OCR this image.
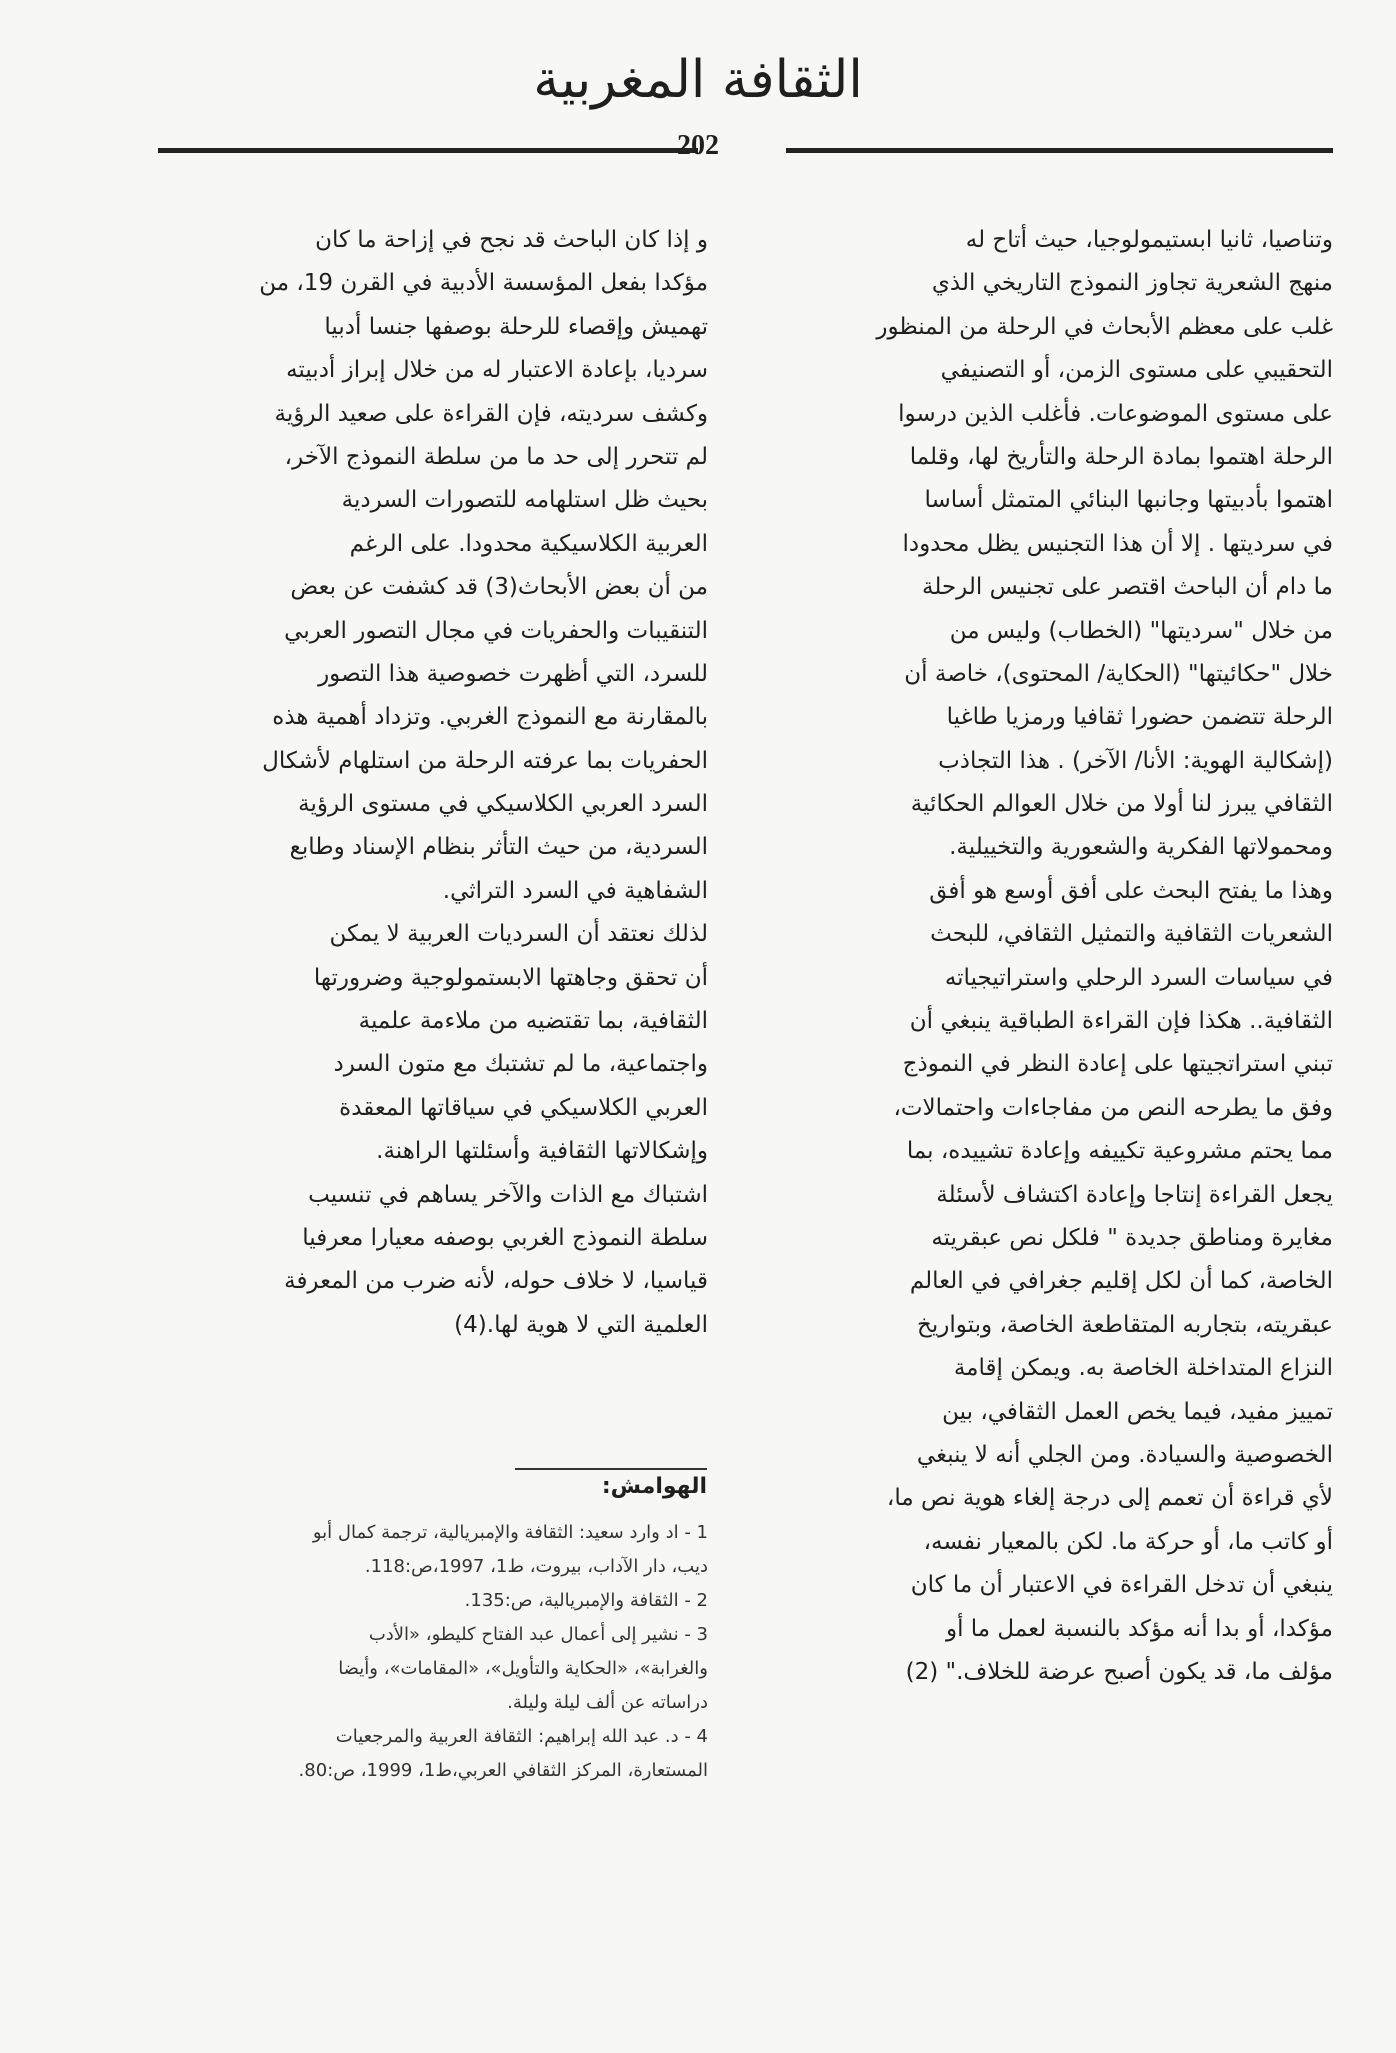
الثقافة المغربية
202
وتناصيا، ثانيا ابستيمولوجيا، حيث أتاح له
منهج الشعرية تجاوز النموذج التاريخي الذي
غلب على معظم الأبحاث في الرحلة من المنظور
التحقيبي على مستوى الزمن، أو التصنيفي
على مستوى الموضوعات. فأغلب الذين درسوا
الرحلة اهتموا بمادة الرحلة والتأريخ لها، وقلما
اهتموا بأدبيتها وجانبها البنائي المتمثل أساسا
في سرديتها . إلا أن هذا التجنيس يظل محدودا
ما دام أن الباحث اقتصر على تجنيس الرحلة
من خلال "سرديتها" (الخطاب) وليس من
خلال "حكائيتها" (الحكاية/ المحتوى)، خاصة أن
الرحلة تتضمن حضورا ثقافيا ورمزيا طاغيا
(إشكالية الهوية: الأنا/ الآخر) . هذا التجاذب
الثقافي يبرز لنا أولا من خلال العوالم الحكائية
ومحمولاتها الفكرية والشعورية والتخييلية.
وهذا ما يفتح البحث على أفق أوسع هو أفق
الشعريات الثقافية والتمثيل الثقافي، للبحث
في سياسات السرد الرحلي واستراتيجياته
الثقافية.. هكذا فإن القراءة الطباقية ينبغي أن
تبني استراتجيتها على إعادة النظر في النموذج
وفق ما يطرحه النص من مفاجاءات واحتمالات،
مما يحتم مشروعية تكييفه وإعادة تشييده، بما
يجعل القراءة إنتاجا وإعادة اكتشاف لأسئلة
مغايرة ومناطق جديدة " فلكل نص عبقريته
الخاصة، كما أن لكل إقليم جغرافي في العالم
عبقريته، بتجاربه المتقاطعة الخاصة، وبتواريخ
النزاع المتداخلة الخاصة به. ويمكن إقامة
تمييز مفيد، فيما يخص العمل الثقافي، بين
الخصوصية والسيادة. ومن الجلي أنه لا ينبغي
لأي قراءة أن تعمم إلى درجة إلغاء هوية نص ما،
أو كاتب ما، أو حركة ما. لكن بالمعيار نفسه،
ينبغي أن تدخل القراءة في الاعتبار أن ما كان
مؤكدا، أو بدا أنه مؤكد بالنسبة لعمل ما أو
مؤلف ما، قد يكون أصبح عرضة للخلاف." (2)
و إذا كان الباحث قد نجح في إزاحة ما كان
مؤكدا بفعل المؤسسة الأدبية في القرن 19، من
تهميش وإقصاء للرحلة بوصفها جنسا أدبيا
سرديا، بإعادة الاعتبار له من خلال إبراز أدبيته
وكشف سرديته، فإن القراءة على صعيد الرؤية
لم تتحرر إلى حد ما من سلطة النموذج الآخر،
بحيث ظل استلهامه للتصورات السردية
العربية الكلاسيكية محدودا. على الرغم
من أن بعض الأبحاث(3) قد كشفت عن بعض
التنقيبات والحفريات في مجال التصور العربي
للسرد، التي أظهرت خصوصية هذا التصور
بالمقارنة مع النموذج الغربي. وتزداد أهمية هذه
الحفريات بما عرفته الرحلة من استلهام لأشكال
السرد العربي الكلاسيكي في مستوى الرؤية
السردية، من حيث التأثر بنظام الإسناد وطابع
الشفاهية في السرد التراثي.
لذلك نعتقد أن السرديات العربية لا يمكن
أن تحقق وجاهتها الابستمولوجية وضرورتها
الثقافية، بما تقتضيه من ملاءمة علمية
واجتماعية، ما لم تشتبك مع متون السرد
العربي الكلاسيكي في سياقاتها المعقدة
وإشكالاتها الثقافية وأسئلتها الراهنة.
اشتباك مع الذات والآخر يساهم في تنسيب
سلطة النموذج الغربي بوصفه معيارا معرفيا
قياسيا، لا خلاف حوله، لأنه ضرب من المعرفة
العلمية التي لا هوية لها.(4)
الهوامش:
1 - اد وارد سعيد: الثقافة والإمبريالية، ترجمة كمال أبو
ديب، دار الآداب، بيروت، ط1، 1997،ص:118.
2 - الثقافة والإمبريالية، ص:135.
3 - نشير إلى أعمال عبد الفتاح كليطو، «الأدب
والغرابة»، «الحكاية والتأويل»، «المقامات»، وأيضا
دراساته عن ألف ليلة وليلة.
4 - د. عبد الله إبراهيم: الثقافة العربية والمرجعيات
المستعارة، المركز الثقافي العربي،ط1، 1999، ص:80.
